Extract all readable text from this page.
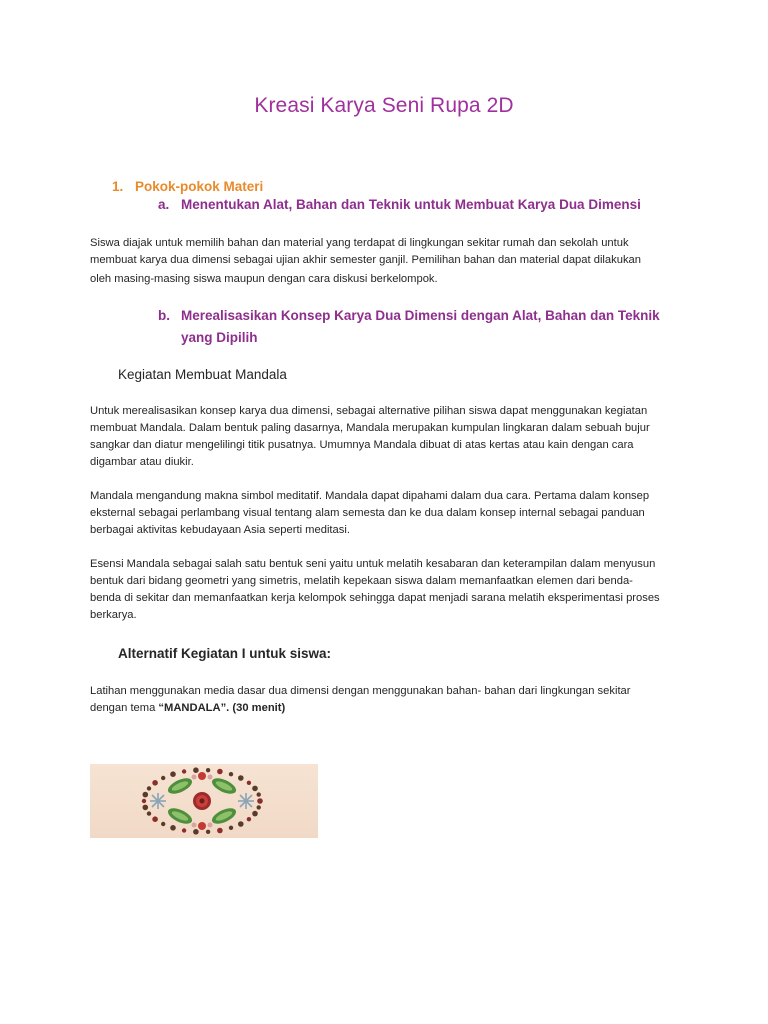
Kreasi Karya Seni Rupa 2D
1. Pokok-pokok Materi
a. Menentukan Alat, Bahan dan Teknik untuk Membuat Karya Dua Dimensi
Siswa diajak untuk memilih bahan dan material yang terdapat di lingkungan sekitar rumah dan sekolah untuk
membuat karya dua dimensi sebagai ujian akhir semester ganjil. Pemilihan bahan dan material dapat dilakukan
oleh masing-masing siswa maupun dengan cara diskusi berkelompok.
b. Merealisasikan Konsep Karya Dua Dimensi dengan Alat, Bahan dan Teknik yang Dipilih
Kegiatan Membuat Mandala
Untuk merealisasikan konsep karya dua dimensi, sebagai alternative pilihan siswa dapat menggunakan kegiatan
membuat Mandala. Dalam bentuk paling dasarnya, Mandala merupakan kumpulan lingkaran dalam sebuah bujur
sangkar dan diatur mengelilingi titik pusatnya. Umumnya Mandala dibuat di atas kertas atau kain dengan cara
digambar atau diukir.
Mandala mengandung makna simbol meditatif. Mandala dapat dipahami dalam dua cara. Pertama dalam konsep
eksternal sebagai perlambang visual tentang alam semesta dan ke dua dalam konsep internal sebagai panduan
berbagai aktivitas kebudayaan Asia seperti meditasi.
Esensi Mandala sebagai salah satu bentuk seni yaitu untuk melatih kesabaran dan keterampilan dalam menyusun
bentuk dari bidang geometri yang simetris, melatih kepekaan siswa dalam memanfaatkan elemen dari benda-
benda di sekitar dan memanfaatkan kerja kelompok sehingga dapat menjadi sarana melatih eksperimentasi proses
berkarya.
Alternatif Kegiatan I untuk siswa:
Latihan menggunakan media dasar dua dimensi dengan menggunakan bahan- bahan dari lingkungan sekitar
dengan tema “MANDALA”. (30 menit)
